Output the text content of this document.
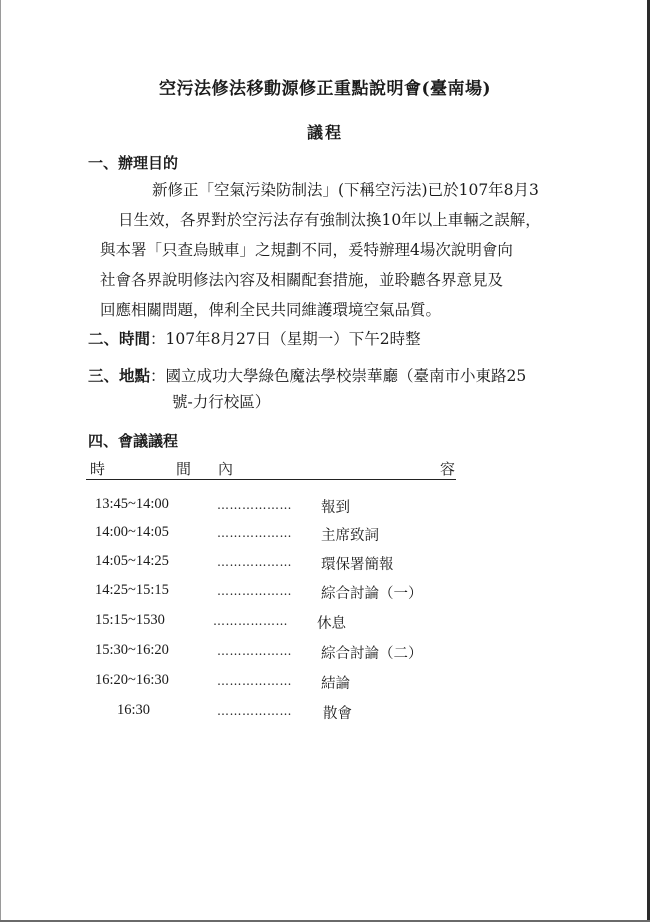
空污法修法移動源修正重點說明會(臺南場)
議程
一、辦理目的
新修正「空氣污染防制法」(下稱空污法)已於107年8月3
日生效，各界對於空污法存有強制汰換10年以上車輛之誤解，
與本署「只查烏賊車」之規劃不同，爰特辦理4場次說明會向
社會各界說明修法內容及相關配套措施，並聆聽各界意見及
回應相關問題，俾利全民共同維護環境空氣品質。
二、時間：107年8月27日（星期一）下午2時整
三、地點：國立成功大學綠色魔法學校崇華廳（臺南市小東路25
號-力行校區）
四、會議議程
時	間 內	容
13:45~14:00	……………… 報到
14:00~14:05	……………… 主席致詞
14:05~14:25	……………… 環保署簡報
14:25~15:15	……………… 綜合討論（一）
15:15~1530	……………… 休息
15:30~16:20	……………… 綜合討論（二）
16:20~16:30	……………… 結論
16:30	……………… 散會
